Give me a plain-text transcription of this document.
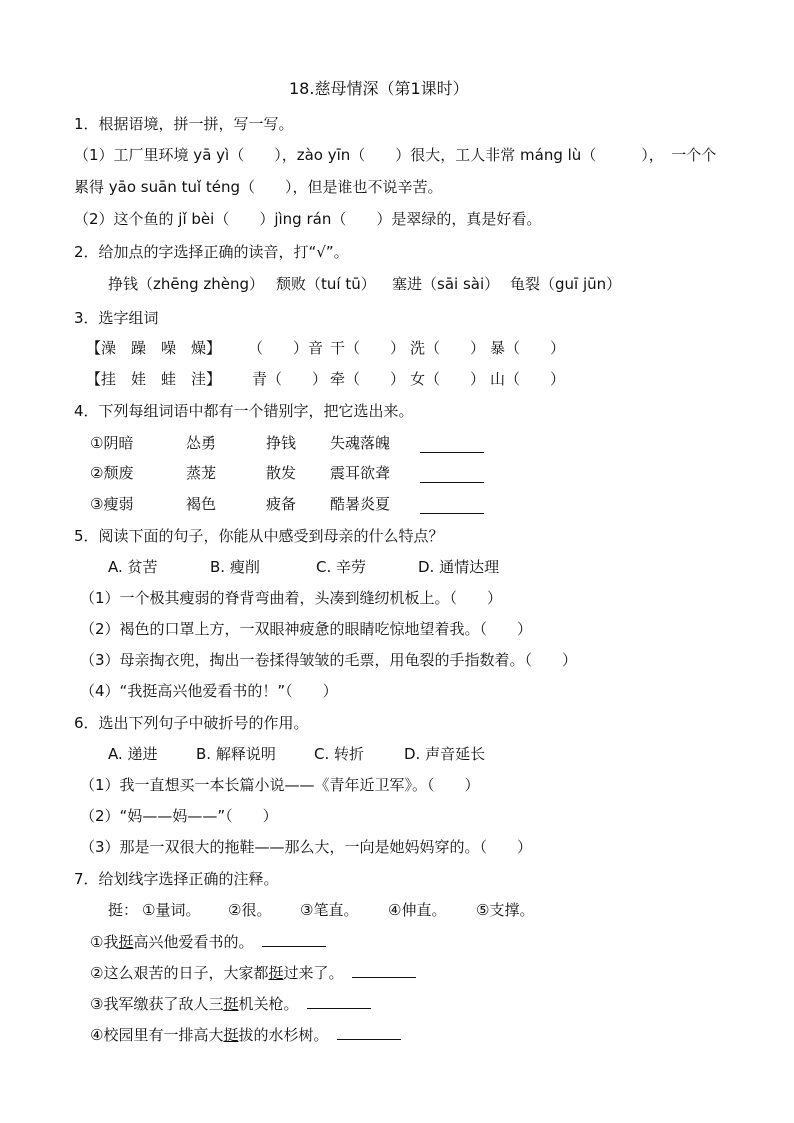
18.慈母情深（第1课时）
1．根据语境，拼一拼，写一写。
（1）工厂里环境 yā yì（　　），zào yīn（　　）很大，工人非常 máng lù（　　　），　一个个
累得 yāo suān tuǐ téng（　　），但是谁也不说辛苦。
（2）这个鱼的 jǐ bèi（　　）jìng rán（　　）是翠绿的，真是好看。
2．给加点的字选择正确的读音，打“√”。
挣钱（zhēng zhèng） 颓败（tuí tū） 塞进（sāi sài） 龟裂（guī jūn）
3．选字组词
【澡　躁　噪　燥】 （　　）音 干（　　） 洗（　　） 暴（　　）
【挂　娃　蛙　洼】 青（　　） 牵（　　） 女（　　） 山（　　）
4．下列每组词语中都有一个错别字，把它选出来。
①阴暗	怂勇	挣钱 失魂落魄
②颓废	蒸茏	散发 震耳欲聋
③瘦弱	褐色	疲备 酷暑炎夏
5．阅读下面的句子，你能从中感受到母亲的什么特点？
A. 贫苦	B. 瘦削	C. 辛劳	D. 通情达理
（1）一个极其瘦弱的脊背弯曲着，头凑到缝纫机板上。（　　）
（2）褐色的口罩上方，一双眼神疲惫的眼睛吃惊地望着我。（　　）
（3）母亲掏衣兜，掏出一卷揉得皱皱的毛票，用龟裂的手指数着。（　　）
（4）“我挺高兴他爱看书的！”（　　）
6．选出下列句子中破折号的作用。
A. 递进	B. 解释说明	C. 转折	D. 声音延长
（1）我一直想买一本长篇小说——《青年近卫军》。（　　）
（2）“妈——妈——”（　　）
（3）那是一双很大的拖鞋——那么大，一向是她妈妈穿的。（　　）
7．给划线字选择正确的注释。
挺： ①量词。 ②很。 ③笔直。 ④伸直。 ⑤支撑。
①我挺高兴他爱看书的。
②这么艰苦的日子，大家都挺过来了。
③我军缴获了敌人三挺机关枪。
④校园里有一排高大挺拔的水杉树。
